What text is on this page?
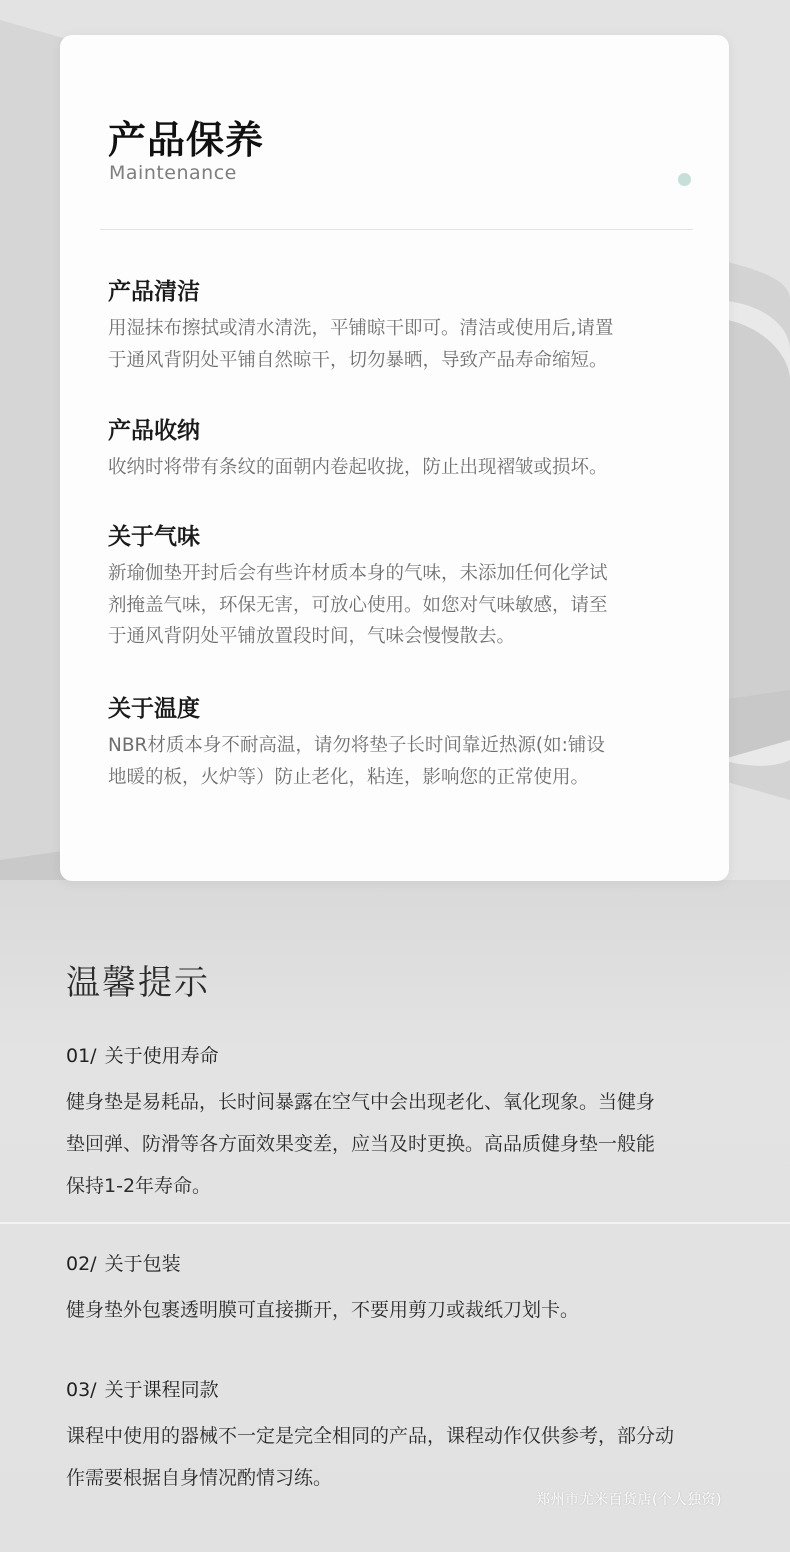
产品保养
Maintenance
产品清洁
用湿抹布擦拭或清水清洗，平铺晾干即可。清洁或使用后,请置
于通风背阴处平铺自然晾干，切勿暴晒，导致产品寿命缩短。
产品收纳
收纳时将带有条纹的面朝内卷起收拢，防止出现褶皱或损坏。
关于气味
新瑜伽垫开封后会有些许材质本身的气味，未添加任何化学试
剂掩盖气味，环保无害，可放心使用。如您对气味敏感，请至
于通风背阴处平铺放置段时间，气味会慢慢散去。
关于温度
NBR材质本身不耐高温，请勿将垫子长时间靠近热源(如:铺设
地暖的板，火炉等）防止老化，粘连，影响您的正常使用。
温馨提示
01/ 关于使用寿命
健身垫是易耗品，长时间暴露在空气中会出现老化、氧化现象。当健身
垫回弹、防滑等各方面效果变差，应当及时更换。高品质健身垫一般能
保持1-2年寿命。
02/ 关于包装
健身垫外包裹透明膜可直接撕开，不要用剪刀或裁纸刀划卡。
03/ 关于课程同款
课程中使用的器械不一定是完全相同的产品，课程动作仅供参考，部分动
作需要根据自身情况酌情习练。
郑州市尤米百货店(个人独资)
